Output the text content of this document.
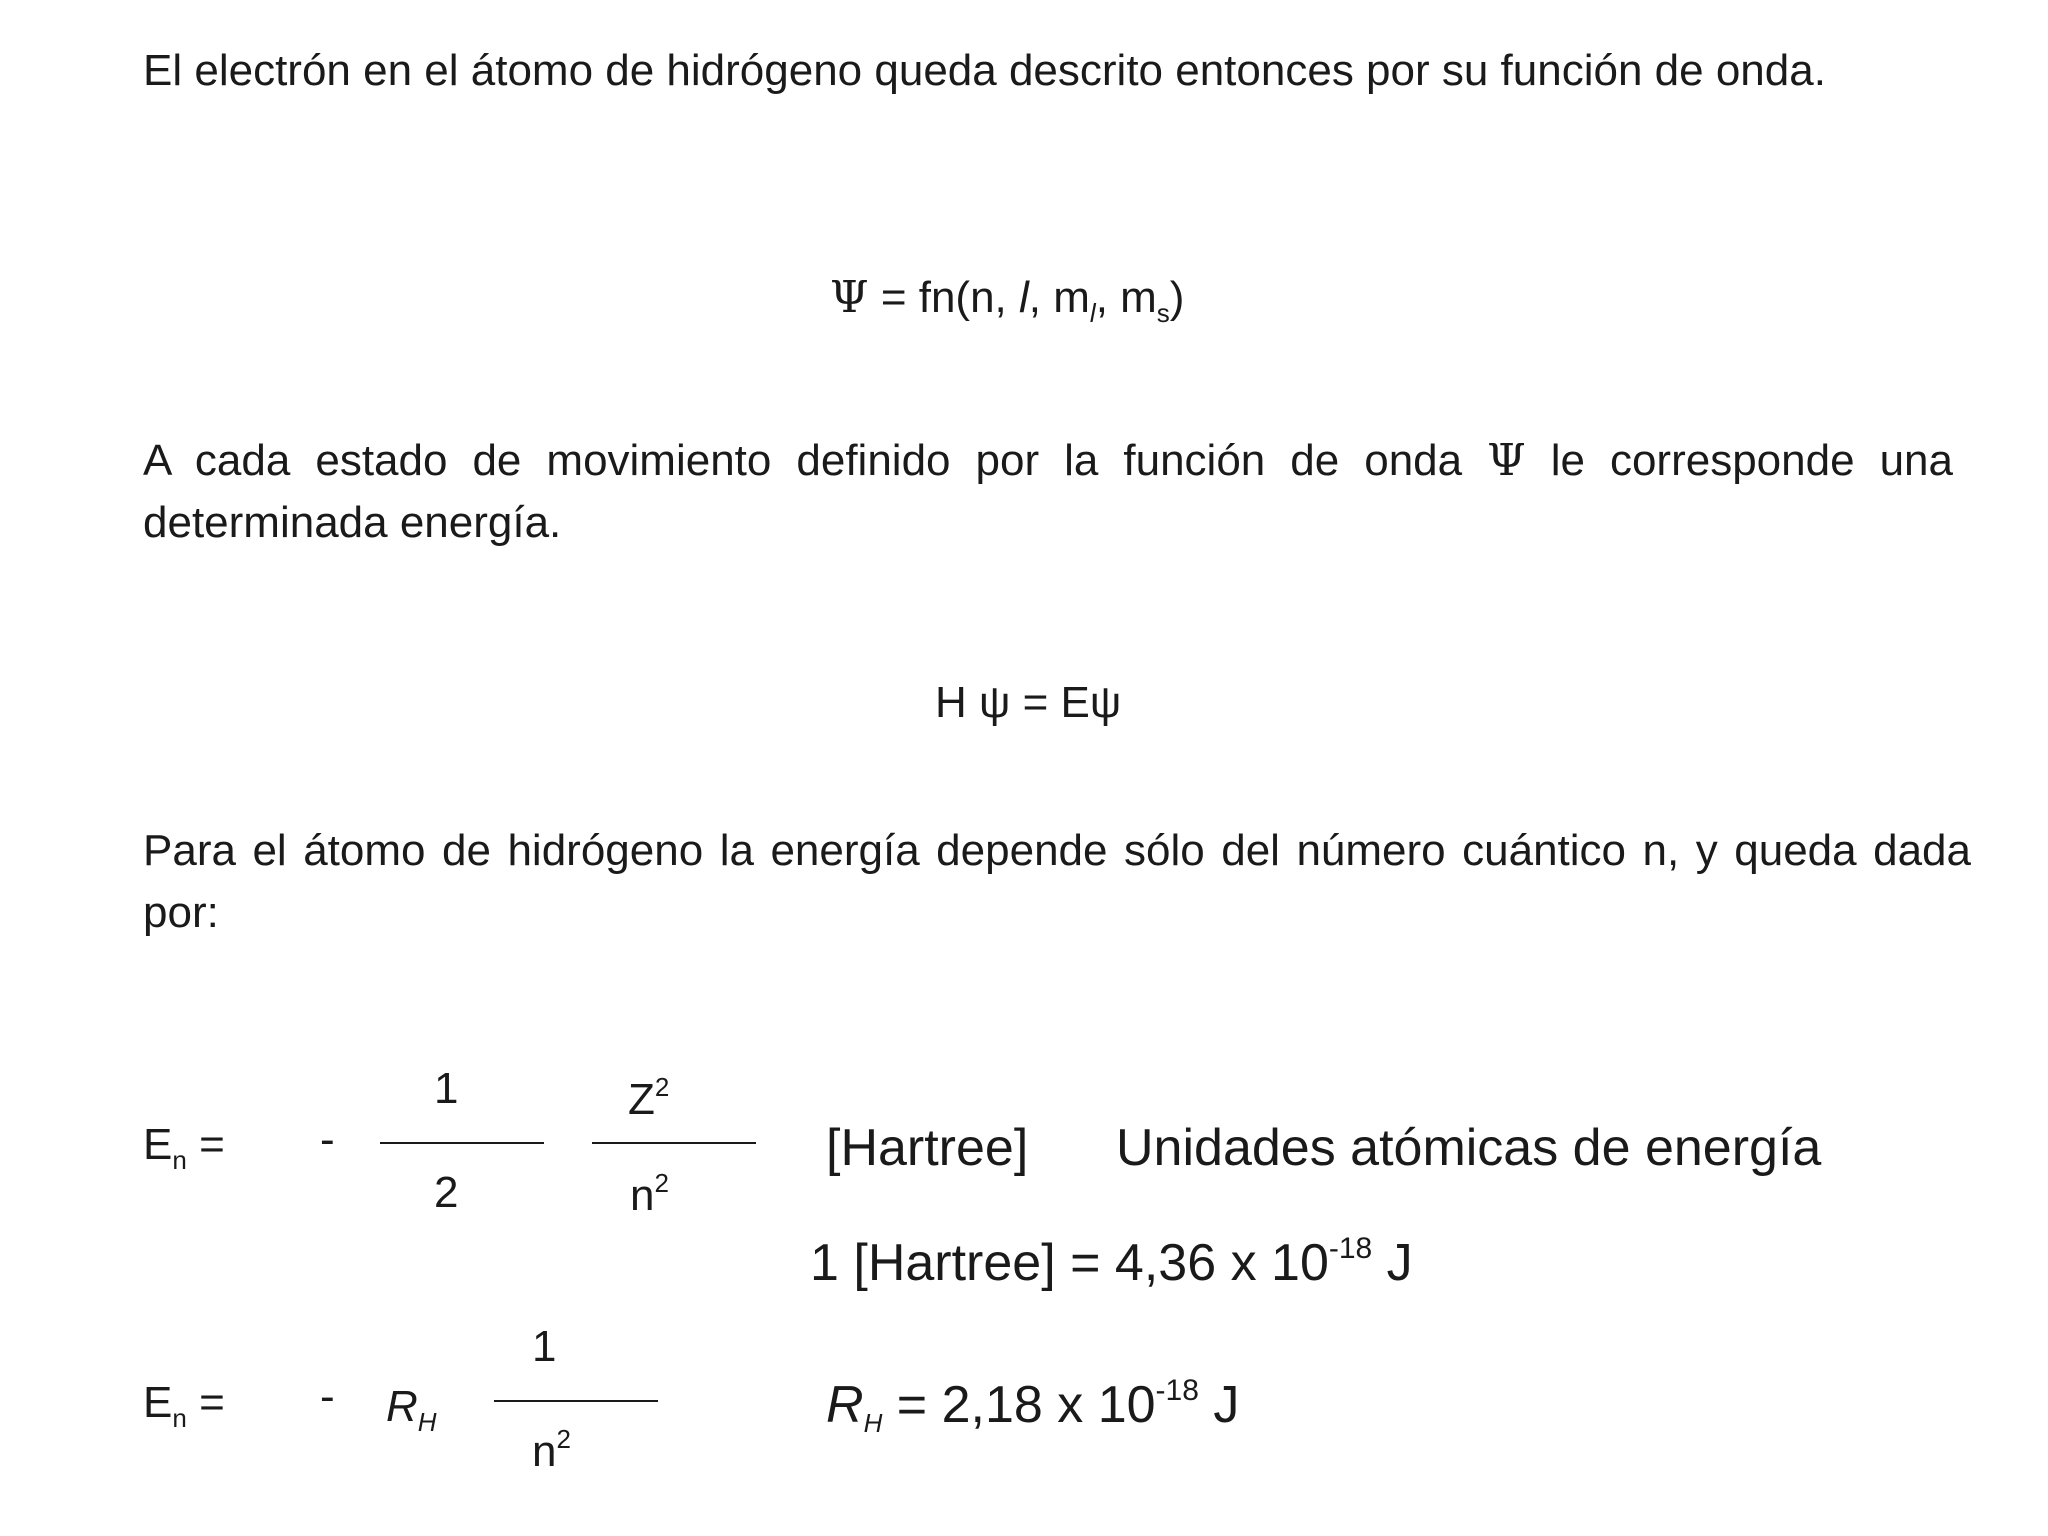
El electrón en el átomo de hidrógeno queda descrito entonces por su función de onda.

Ψ = fn(n, l, $m_l$, $m_s$)

A cada estado de movimiento definido por la función de onda Ψ le corresponde una determinada energía.

H ψ = Eψ

Para el átomo de hidrógeno la energía depende sólo del número cuántico n, y queda dada por:

$E_n$ = -
1
2
$Z^2$
$n^2$
[Hartree] Unidades atómicas de energía
1 [Hartree] = 4,36 x $10^{-18}$ J
$E_n$ = - $R_H$
1
$n^2$
$R_H = 2,18$ x $10^{-18}$ J
